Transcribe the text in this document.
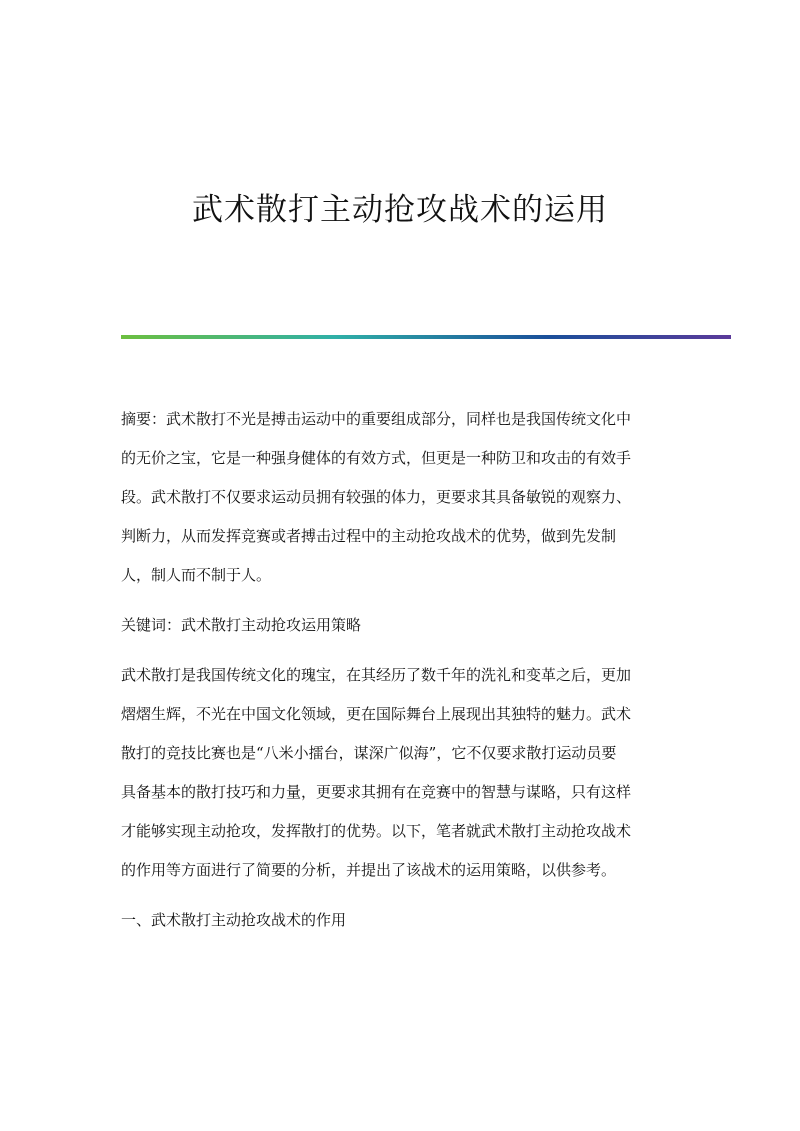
武术散打主动抢攻战术的运用
摘要：武术散打不光是搏击运动中的重要组成部分，同样也是我国传统文化中
的无价之宝，它是一种强身健体的有效方式，但更是一种防卫和攻击的有效手
段。武术散打不仅要求运动员拥有较强的体力，更要求其具备敏锐的观察力、
判断力，从而发挥竞赛或者搏击过程中的主动抢攻战术的优势，做到先发制
人，制人而不制于人。
关键词：武术散打主动抢攻运用策略
武术散打是我国传统文化的瑰宝，在其经历了数千年的洗礼和变革之后，更加
熠熠生辉，不光在中国文化领域，更在国际舞台上展现出其独特的魅力。武术
散打的竞技比赛也是“八米小擂台，谋深广似海”，它不仅要求散打运动员要
具备基本的散打技巧和力量，更要求其拥有在竞赛中的智慧与谋略，只有这样
才能够实现主动抢攻，发挥散打的优势。以下，笔者就武术散打主动抢攻战术
的作用等方面进行了简要的分析，并提出了该战术的运用策略，以供参考。
一、武术散打主动抢攻战术的作用
